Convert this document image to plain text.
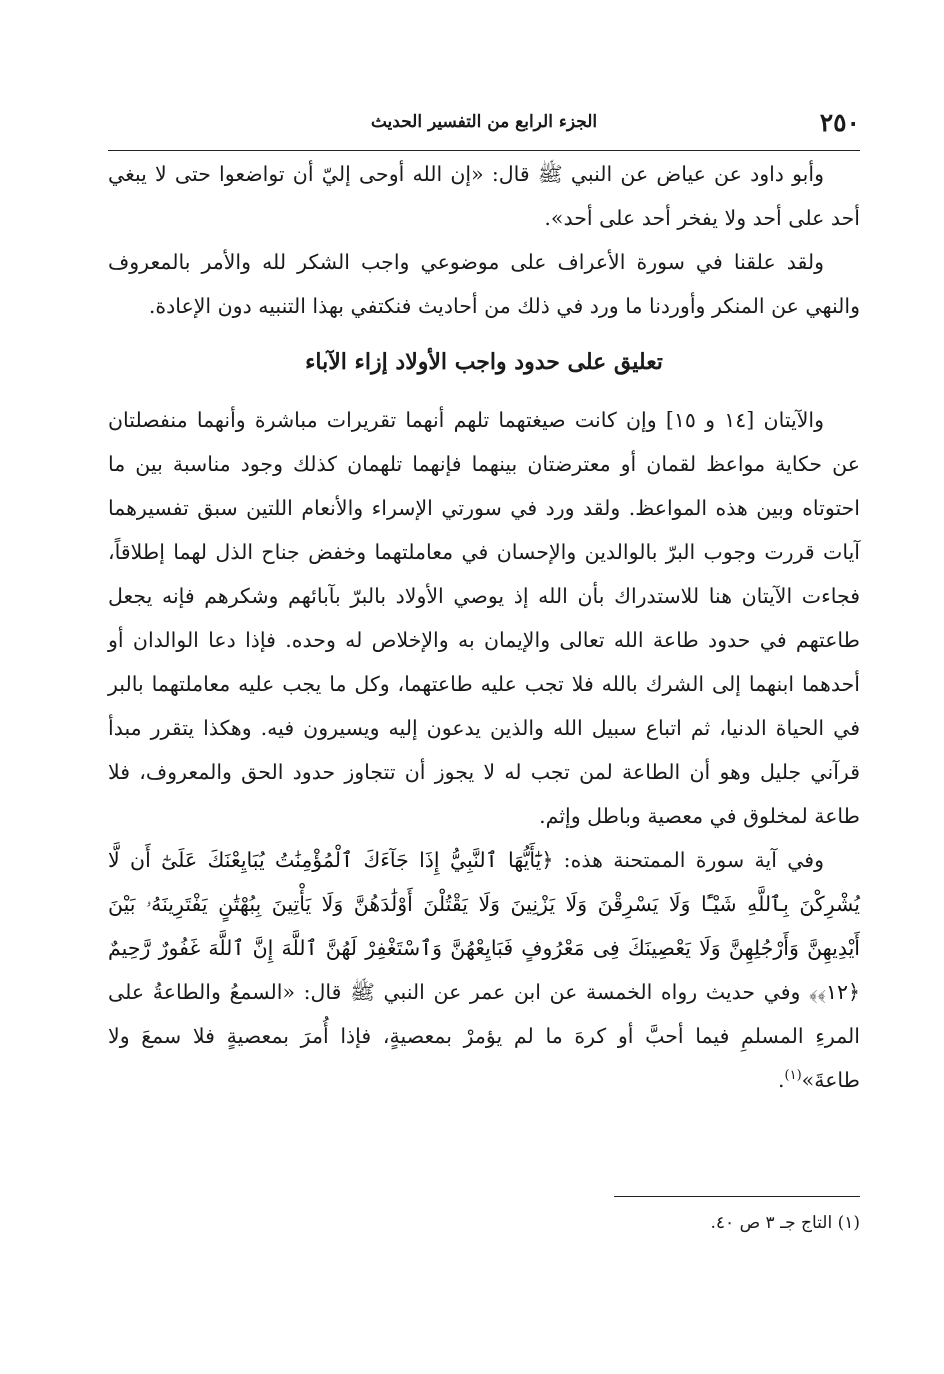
٢٥٠
الجزء الرابع من التفسير الحديث

وأبو داود عن عياض عن النبي ﷺ قال: «إن الله أوحى إليّ أن تواضعوا حتى لا يبغي أحد على أحد ولا يفخر أحد على أحد».

ولقد علقنا في سورة الأعراف على موضوعي واجب الشكر لله والأمر بالمعروف والنهي عن المنكر وأوردنا ما ورد في ذلك من أحاديث فنكتفي بهذا التنبيه دون الإعادة.

تعليق على حدود واجب الأولاد إزاء الآباء

والآيتان [١٤ و ١٥] وإن كانت صيغتهما تلهم أنهما تقريرات مباشرة وأنهما منفصلتان عن حكاية مواعظ لقمان أو معترضتان بينهما فإنهما تلهمان كذلك وجود مناسبة بين ما احتوتاه وبين هذه المواعظ. ولقد ورد في سورتي الإسراء والأنعام اللتين سبق تفسيرهما آيات قررت وجوب البرّ بالوالدين والإحسان في معاملتهما وخفض جناح الذل لهما إطلاقاً، فجاءت الآيتان هنا للاستدراك بأن الله إذ يوصي الأولاد بالبرّ بآبائهم وشكرهم فإنه يجعل طاعتهم في حدود طاعة الله تعالى والإيمان به والإخلاص له وحده. فإذا دعا الوالدان أو أحدهما ابنهما إلى الشرك بالله فلا تجب عليه طاعتهما، وكل ما يجب عليه معاملتهما بالبر في الحياة الدنيا، ثم اتباع سبيل الله والذين يدعون إليه ويسيرون فيه. وهكذا يتقرر مبدأ قرآني جليل وهو أن الطاعة لمن تجب له لا يجوز أن تتجاوز حدود الحق والمعروف، فلا طاعة لمخلوق في معصية وباطل وإثم.

وفي آية سورة الممتحنة هذه: ﴿يَٰٓأَيُّهَا ٱلنَّبِيُّ إِذَا جَآءَكَ ٱلْمُؤْمِنَٰتُ يُبَايِعْنَكَ عَلَىٰٓ أَن لَّا يُشْرِكْنَ بِٱللَّهِ شَيْـًٔا وَلَا يَسْرِقْنَ وَلَا يَزْنِينَ وَلَا يَقْتُلْنَ أَوْلَٰدَهُنَّ وَلَا يَأْتِينَ بِبُهْتَٰنٍ يَفْتَرِينَهُۥ بَيْنَ أَيْدِيهِنَّ وَأَرْجُلِهِنَّ وَلَا يَعْصِينَكَ فِى مَعْرُوفٍ فَبَايِعْهُنَّ وَٱسْتَغْفِرْ لَهُنَّ ٱللَّهَ إِنَّ ٱللَّهَ غَفُورٌ رَّحِيمٌ ﴿١٢﴾﴾ وفي حديث رواه الخمسة عن ابن عمر عن النبي ﷺ قال: «السمعُ والطاعةُ على المرءِ المسلمِ فيما أحبَّ أو كرهَ ما لم يؤمرْ بمعصيةٍ، فإذا أُمرَ بمعصيةٍ فلا سمعَ ولا طاعةَ»$^{(١)}$.

(١) التاج جـ ٣ ص ٤٠.
